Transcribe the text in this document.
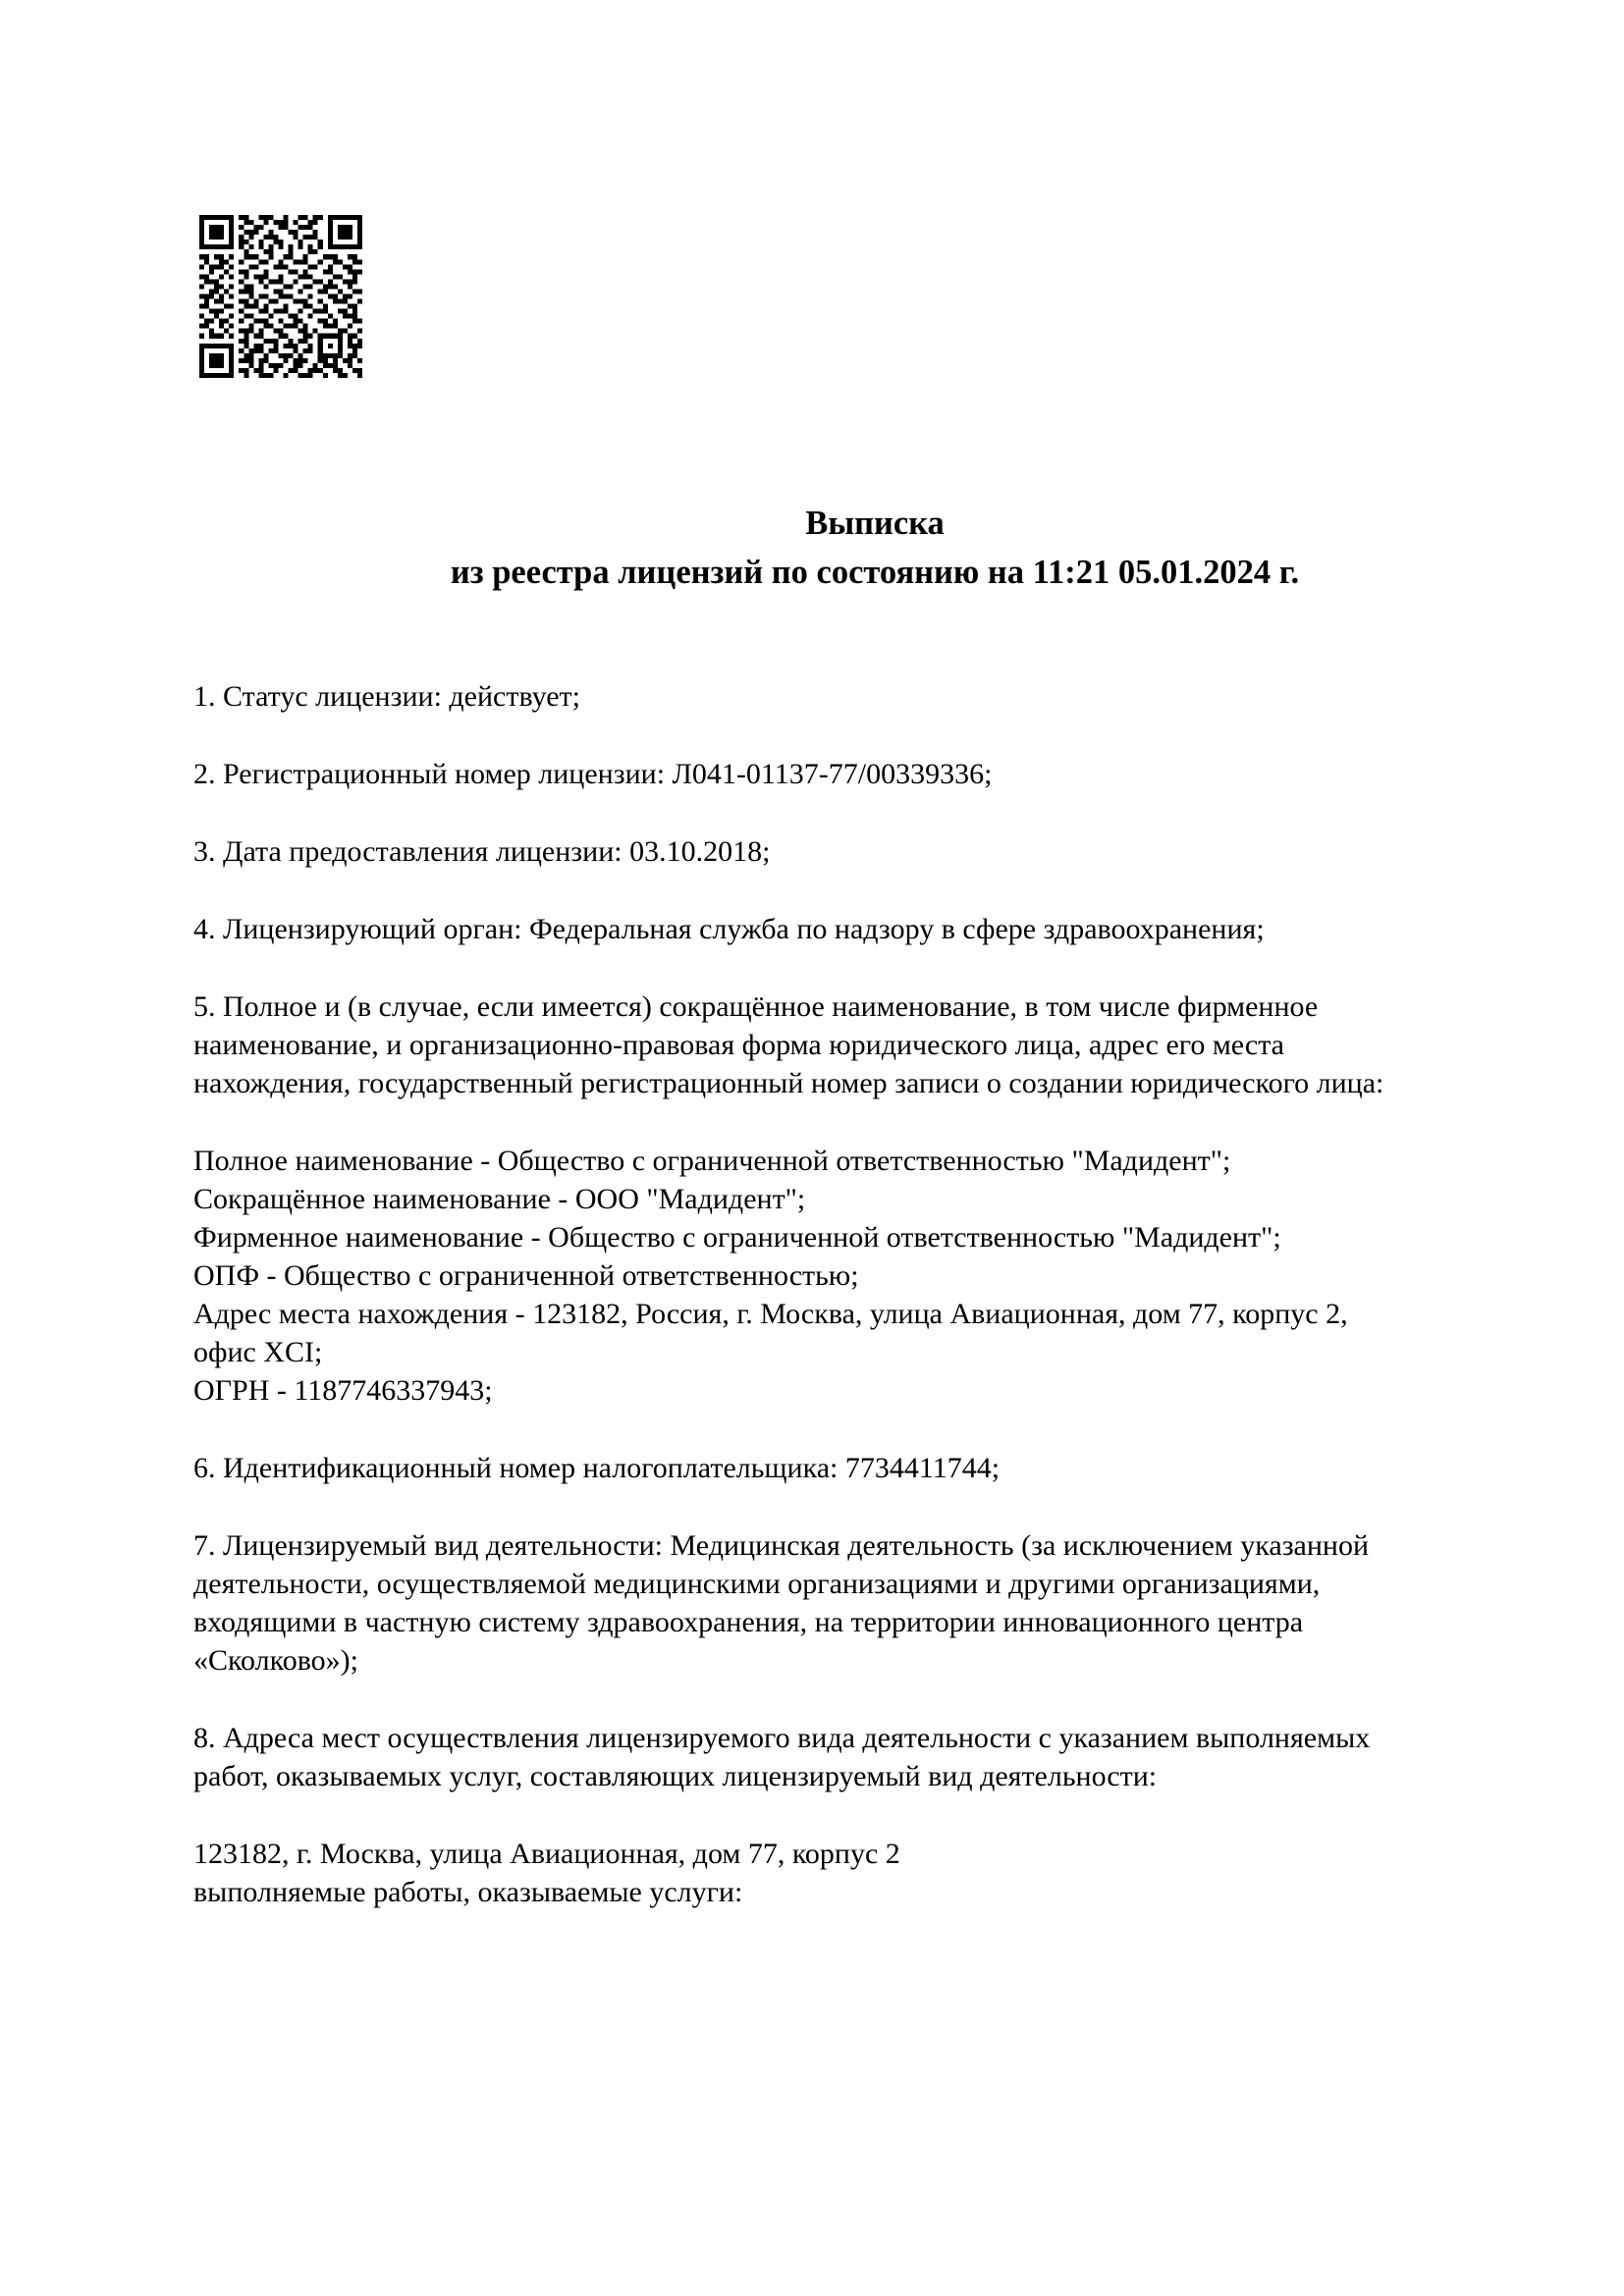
Выписка
из реестра лицензий по состоянию на 11:21 05.01.2024 г.

1. Статус лицензии: действует;

2. Регистрационный номер лицензии: Л041-01137-77/00339336;

3. Дата предоставления лицензии: 03.10.2018;

4. Лицензирующий орган: Федеральная служба по надзору в сфере здравоохранения;

5. Полное и (в случае, если имеется) сокращённое наименование, в том числе фирменное
наименование, и организационно-правовая форма юридического лица, адрес его места
нахождения, государственный регистрационный номер записи о создании юридического лица:
Полное наименование - Общество с ограниченной ответственностью "Мадидент";
Сокращённое наименование - ООО "Мадидент";
Фирменное наименование - Общество с ограниченной ответственностью "Мадидент";
ОПФ - Общество с ограниченной ответственностью;
Адрес места нахождения - 123182, Россия, г. Москва, улица Авиационная, дом 77, корпус 2,
офис XCI;
ОГРН - 1187746337943;

6. Идентификационный номер налогоплательщика: 7734411744;

7. Лицензируемый вид деятельности: Медицинская деятельность (за исключением указанной
деятельности, осуществляемой медицинскими организациями и другими организациями,
входящими в частную систему здравоохранения, на территории инновационного центра
«Сколково»);
8. Адреса мест осуществления лицензируемого вида деятельности с указанием выполняемых
работ, оказываемых услуг, составляющих лицензируемый вид деятельности:
123182, г. Москва, улица Авиационная, дом 77, корпус 2
выполняемые работы, оказываемые услуги:
